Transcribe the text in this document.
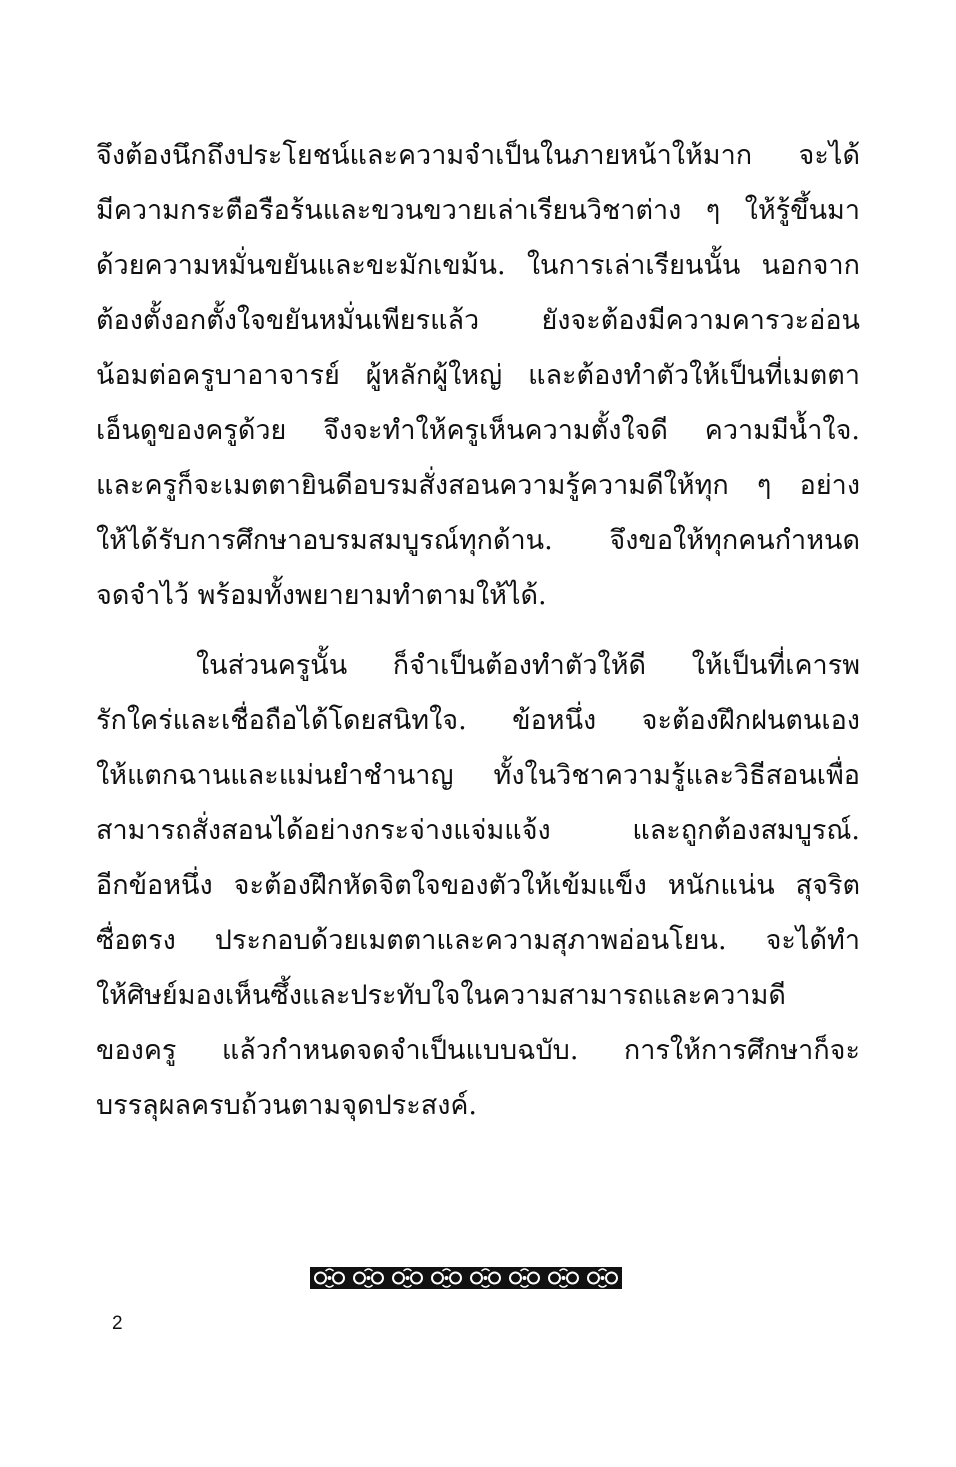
จึงต้องนึกถึงประโยชน์และความจำเป็นในภายหน้าให้มาก จะได้
มีความกระตือรือร้นและขวนขวายเล่าเรียนวิชาต่าง ๆ ให้รู้ขึ้นมา
ด้วยความหมั่นขยันและขะมักเขม้น. ในการเล่าเรียนนั้น นอกจาก
ต้องตั้งอกตั้งใจขยันหมั่นเพียรแล้ว ยังจะต้องมีความคารวะอ่อน
น้อมต่อครูบาอาจารย์ ผู้หลักผู้ใหญ่ และต้องทำตัวให้เป็นที่เมตตา
เอ็นดูของครูด้วย จึงจะทำให้ครูเห็นความตั้งใจดี ความมีน้ำใจ.
และครูก็จะเมตตายินดีอบรมสั่งสอนความรู้ความดีให้ทุก ๆ อย่าง
ให้ได้รับการศึกษาอบรมสมบูรณ์ทุกด้าน. จึงขอให้ทุกคนกำหนด
จดจำไว้ พร้อมทั้งพยายามทำตามให้ได้.
ในส่วนครูนั้น ก็จำเป็นต้องทำตัวให้ดี ให้เป็นที่เคารพ
รักใคร่และเชื่อถือได้โดยสนิทใจ. ข้อหนึ่ง จะต้องฝึกฝนตนเอง
ให้แตกฉานและแม่นยำชำนาญ ทั้งในวิชาความรู้และวิธีสอนเพื่อ
สามารถสั่งสอนได้อย่างกระจ่างแจ่มแจ้ง และถูกต้องสมบูรณ์.
อีกข้อหนึ่ง จะต้องฝึกหัดจิตใจของตัวให้เข้มแข็ง หนักแน่น สุจริต
ซื่อตรง ประกอบด้วยเมตตาและความสุภาพอ่อนโยน. จะได้ทำ
ให้ศิษย์มองเห็นซึ้งและประทับใจในความสามารถและความดี
ของครู แล้วกำหนดจดจำเป็นแบบฉบับ. การให้การศึกษาก็จะ
บรรลุผลครบถ้วนตามจุดประสงค์.
2
